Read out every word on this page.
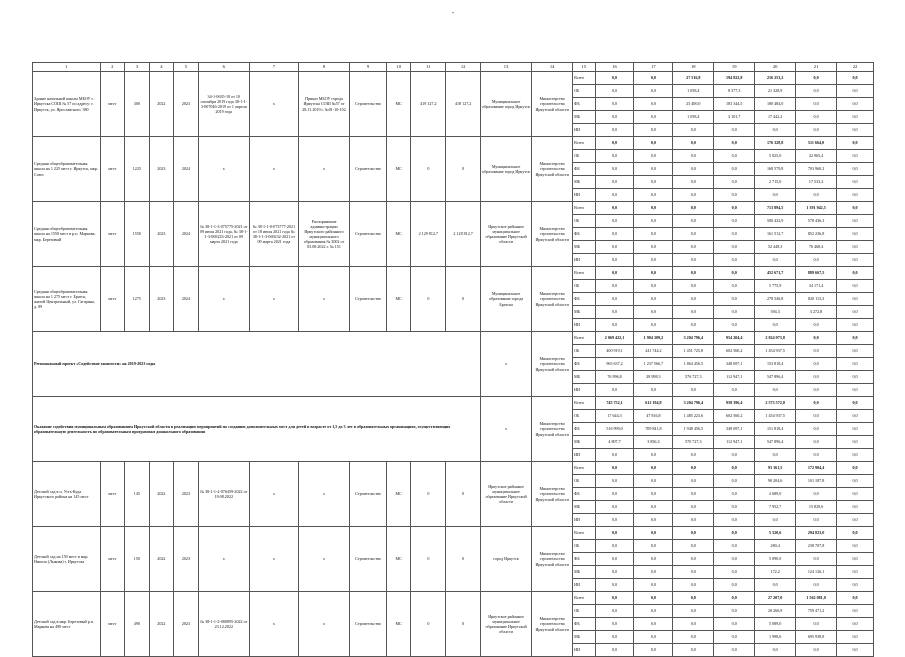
"
1	2	3	4	5	6	7	8	9	10	11	12	13	14	15	16	17	18	19	20	21	22
Здание начальной школы МБОУ г. Иркутска СОШ № 57 по адресу: г. Иркутск, ул. Ярославского, 380	мест	300	2022	2023	34-1-0635-18 от 10 сентября 2019 года 38-1-1-3-007046-2019 от 1 апреля 2019 года	х	Приказ МБОУ города Иркутска СОШ №57 от 28.11.2019 г. №01-10-102	Строительство	МС	419 127,2	418 127,2	Муниципальное образование город Иркутск	Министерство строительства Иркутской области	Всего	0,0	0,0	27 516,8	194 822,8	216 253,2	0,0	0,0
														ОБ	0,0	0,0	1 058,4	8 377,3	21 328,9	0,0	0,0
														ФБ	0,0	0,0	25 400,0	183 344,5	180 484,0	0,0	0,0
														МБ	0,0	0,0	1 058,4	3 101,7	17 442,2	0,0	0,0
														ИИ	0,0	0,0	0,0	0,0	0,0	0,0	0,0
Средняя общеобразовательная школа на 1 225 мест г. Иркутск, мкр. Союз	мест	1225	2023	2024	х	х	х	Строительство	МС	0	0	Муниципальное образование город Иркутск	Министерство строительства Иркутской области	Всего	0,0	0,0	0,0	0,0	176 328,8	511 664,0	0,0
														ОБ	0,0	0,0	0,0	0,0	5 025,0	32 965,4	0,0
														ФБ	0,0	0,0	0,0	0,0	168 579,8	703 960,2	0,0
														МБ	0,0	0,0	0,0	0,0	2 715,0	17 533,2	0,0
														ИИ	0,0	0,0	0,0	0,0	0,0	0,0	0,0
Средняя общеобразовательная школа на 1550 мест в р.п. Маркова, мкр. Березовый	мест	1550	2023	2024	№ 38-1-1-3-075775-2021 от 09 июля 2021 года, № 38-1-1-3-069223-2021 от 09 марта 2021 года	№ 38-1-1-0-073777-2021 от 18 июля 2021 года № 38-1-1-3-069232-2021 от 09 марта 2021 года	Распоряжение администрации Иркутского районного муниципального образования № 3002 от 03.08.2022 г. № 151	Строительство	МС	2 129 812,7	2 128 812,7	Иркутское районное муниципальное образование Иркутской области	Министерство строительства Иркутской области	Всего	0,0	0,0	0,0	0,0	713 894,5	1 391 942,5	0,0
														ОБ	0,0	0,0	0,0	0,0	500 432,9	578 436,3	0,0
														ФБ	0,0	0,0	0,0	0,0	161 512,7	852 236,8	0,0
														МБ	0,0	0,0	0,0	0,0	52 448,3	76 468,4	0,0
														ИИ	0,0	0,0	0,0	0,0	0,0	0,0	0,0
Средняя общеобразовательная школа на 1 275 мест г. Братск, жилой Центральный, ул. Гагарина, д. 89	мест	1275	2023	2024	х	х	х	Строительство	МС	0	0	Муниципальное образование города Братска	Министерство строительства Иркутской области	Всего	0,0	0,0	0,0	0,0	452 671,7	889 667,5	0,0
														ОБ	0,0	0,0	0,0	0,0	5 775,9	34 171,4	0,0
														ФБ	0,0	0,0	0,0	0,0	278 546,8	820 113,3	0,0
														МБ	0,0	0,0	0,0	0,0	394,3	3 272,8	0,0
														ИИ	0,0	0,0	0,0	0,0	0,0	0,0	0,0
Региональный проект «Содействие занятости» на 2019-2023 годы												х	Министерство строительства Иркутской области	Всего	2 069 422,1	1 904 309,2	3 204 796,4	954 204,4	2 024 973,8	0,0	0,0
														ОБ	400 919,1	241 744,2	1 451 725,8	602 560,2	1 454 937,5	0,0	0,0
														ФБ	965 637,2	1 237 566,7	1 864 456,5	348 697,1	153 818,4	0,0	0,0
														МБ	76 996,8	28 998,3	576 727,3	112 947,1	547 896,4	0,0	0,0
														ИИ	0,0	0,0	0,0	0,0	0,0	0,0	0,0
Оказание содействия муниципальным образованиям Иркутской области в реализации мероприятий по созданию дополнительных мест для детей в возрасте от 1,5 до 3 лет в образовательных организациях, осуществляющих образовательную деятельность по образовательным программам дошкольного образования												х	Министерство строительства Иркутской области	Всего	745 752,1	612 194,8	3 204 796,4	958 396,4	2 575 572,8	0,0	0,0
														ОБ	17 644,3	47 816,8	1 485 223,6	602 560,2	1 454 937,5	0,0	0,0
														ФБ	516 999,0	709 841,8	1 948 456,5	349 697,1	151 818,4	0,0	0,0
														МБ	4 807,7	3 856,3	570 727,3	112 947,1	547 896,4	0,0	0,0
														ИИ	0,0	0,0	0,0	0,0	0,0	0,0	0,0
Детский сад в п. Усть-Куда Иркутского района на 145 мест	мест	145	2022	2023	№ 38-1-1-2-076459-2022 от 19.08.2022	х	х	Строительство	МС	0	0	Иркутское районное муниципальное образование Иркутской области	Министерство строительства Иркутской области	Всего	0,0	0,0	0,0	0,0	93 161,5	172 904,4	0,0
														ОБ	0,0	0,0	0,0	0,0	90 204,6	101 187,8	0,0
														ФБ	0,0	0,0	0,0	0,0	2 689,0	0,0	0,0
														МБ	0,0	0,0	0,0	0,0	7 952,7	15 829,6	0,0
														ИИ	0,0	0,0	0,0	0,0	0,0	0,0	0,0
Детский сад на 150 мест в мкр. Никола (Лыкова) г. Иркутска	мест	150	2022	2023	х	х	х	Строительство	МС	0	0	город Иркутск	Министерство строительства Иркутской области	Всего	0,0	0,0	0,0	0,0	5 520,6	294 823,0	0,0
														ОБ	0,0	0,0	0,0	0,0	280,4	238 707,8	0,0
														ФБ	0,0	0,0	0,0	0,0	5 090,0	0,0	0,0
														МБ	0,0	0,0	0,0	0,0	172,2	124 126,1	0,0
														ИИ	0,0	0,0	0,0	0,0	0,0	0,0	0,0
Детский сад в мкр. Березовый р.п. Маркова на 490 мест	мест	490	2022	2023	№ 38-1-1-2-080895-2022 от 23.12.2022	х	х	Строительство	МС	0	0	Иркутское районное муниципальное образование Иркутской области	Министерство строительства Иркутской области	Всего	0,0	0,0	0,0	0,0	27 207,0	1 562 081,0	0,0
														ОБ	0,0	0,0	0,0	0,0	20 266,9	759 471,2	0,0
														ФБ	0,0	0,0	0,0	0,0	5 089,0	0,0	0,0
														МБ	0,0	0,0	0,0	0,0	1 998,6	695 938,8	0,0
														ИИ	0,0	0,0	0,0	0,0	0,0	0,0	0,0
